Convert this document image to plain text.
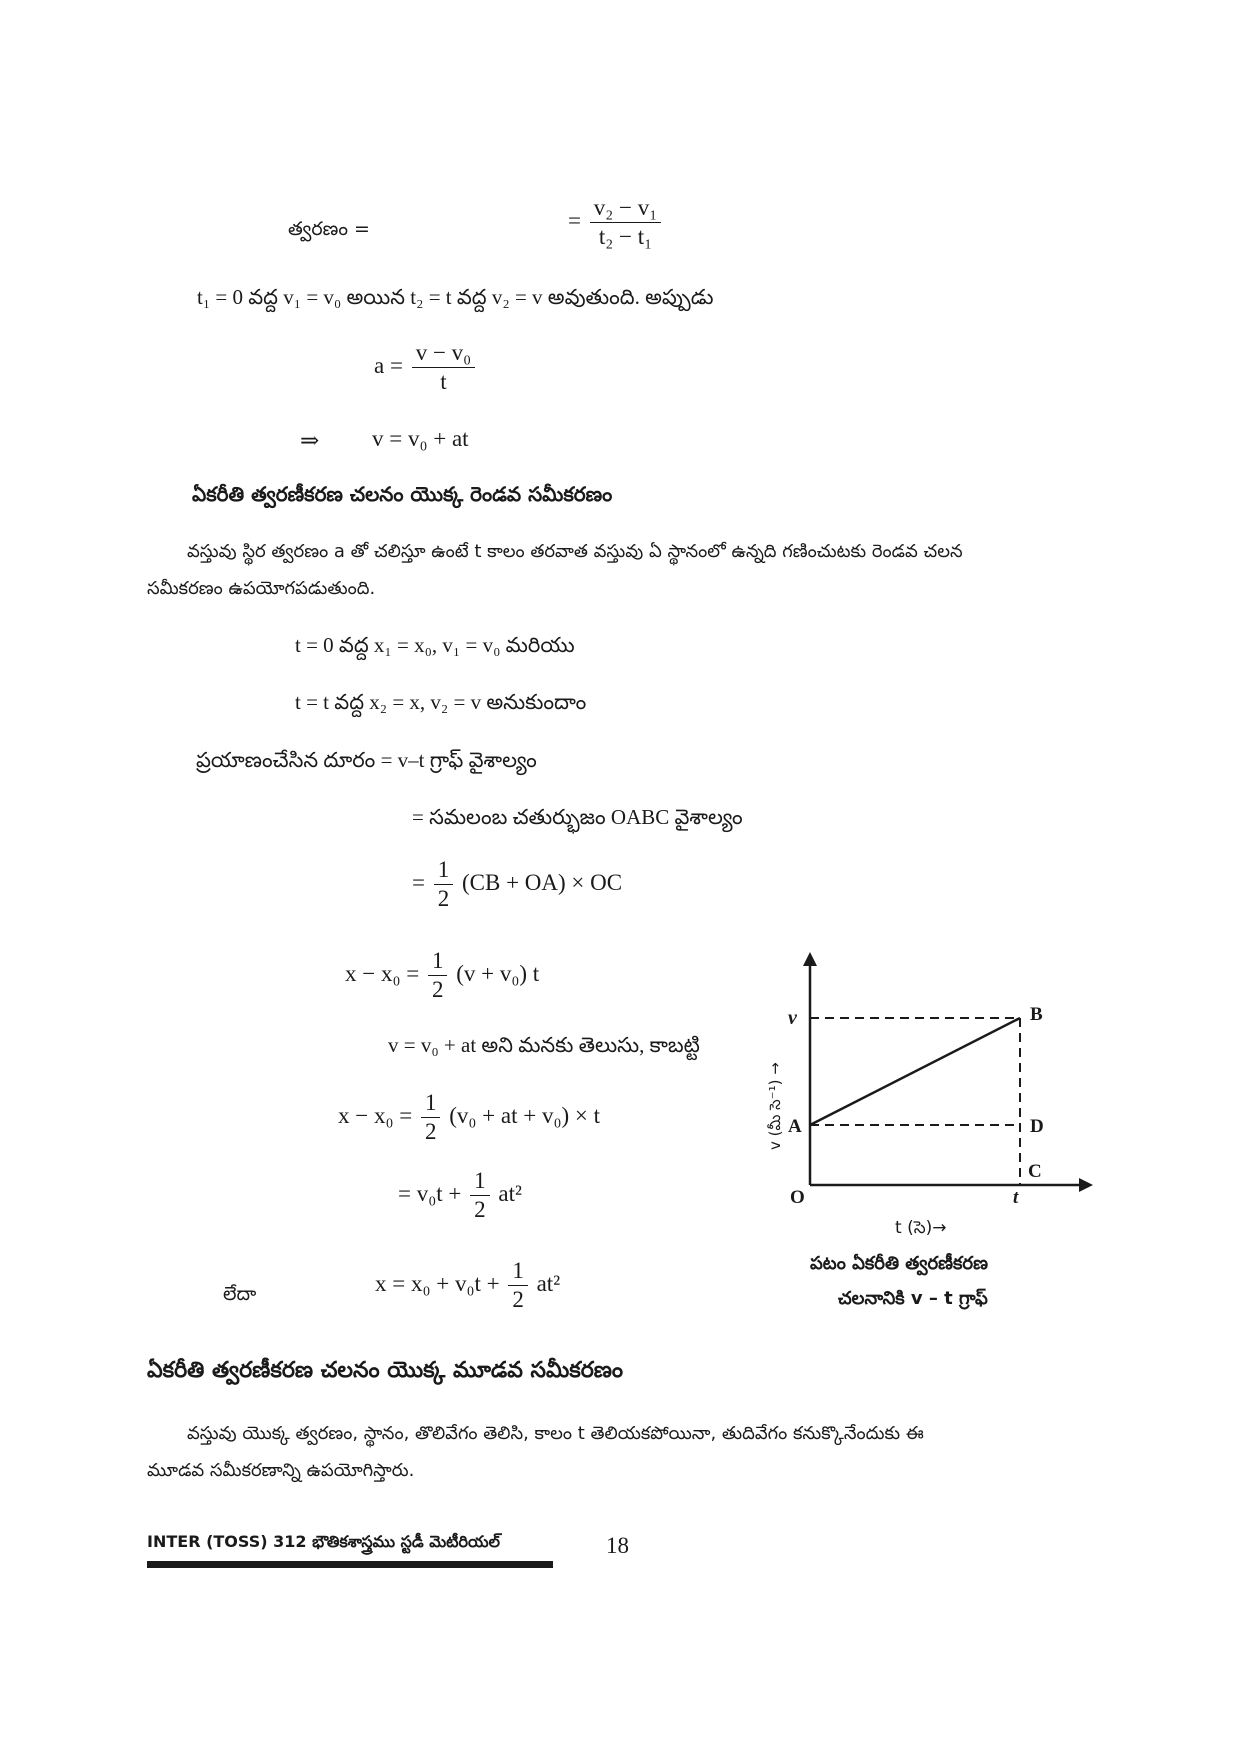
త్వరణం =	= $\frac{\text{v₂ − v₁}}{\text{t₂ − t₁}}$
t₁ = 0 వద్ద v₁ = v₀ అయిన t₂ = t వద్ద v₂ = v అవుతుంది. అప్పుడు
$a = \frac{\text{v − v₀}}{t}$
⇒ v = v₀ + at
ఏకరీతి త్వరణీకరణ చలనం యొక్క రెండవ సమీకరణం
వస్తువు స్థిర త్వరణం a తో చలిస్తూ ఉంటే t కాలం తరవాత వస్తువు ఏ స్థానంలో ఉన్నది గణించుటకు రెండవ చలన
సమీకరణం ఉపయోగపడుతుంది.
t = 0 వద్ద x₁ = x₀, v₁ = v₀ మరియు
t = t వద్ద x₂ = x, v₂ = v అనుకుందాం
ప్రయాణంచేసిన దూరం = v–t గ్రాఫ్ వైశాల్యం
= సమలంబ చతుర్భుజం OABC వైశాల్యం
= $\frac{1}{2} (CB + OA)$ × OC
$x - x_0 = \frac{1}{2} (v + v_0)$ t
v = v₀ + at అని మనకు తెలుసు, కాబట్టి
$x - x_0 = \frac{1}{2} (v_0$ + at + v₀) × t
= $v_0t + \frac{1}{2} at^2$
లేదా	$x = x_0 + v_0t + \frac{1}{2} at^2$
v	B
A	D
C
O	t
v (మీ సె⁻¹) →
t (సె)→
పటం ఏకరీతి త్వరణీకరణ
చలనానికి v – t గ్రాఫ్
ఏకరీతి త్వరణీకరణ చలనం యొక్క మూడవ సమీకరణం
వస్తువు యొక్క త్వరణం, స్థానం, తొలివేగం తెలిసి, కాలం t తెలియకపోయినా, తుదివేగం కనుక్కొనేందుకు ఈ
మూడవ సమీకరణాన్ని ఉపయోగిస్తారు.
INTER (TOSS) 312 భౌతికశాస్త్రము స్టడీ మెటీరియల్	18
